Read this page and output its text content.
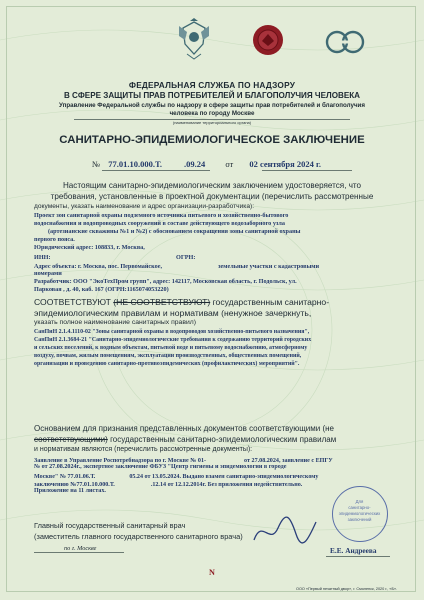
ФЕДЕРАЛЬНАЯ СЛУЖБА ПО НАДЗОРУ
В СФЕРЕ ЗАЩИТЫ ПРАВ ПОТРЕБИТЕЛЕЙ И БЛАГОПОЛУЧИЯ ЧЕЛОВЕКА
Управление Федеральной службы по надзору в сфере защиты прав потребителей и благополучия
человека по городу Москве
(наименование территориального органа)
САНИТАРНО-ЭПИДЕМИОЛОГИЧЕСКОЕ ЗАКЛЮЧЕНИЕ
№ 77.01.10.000.Т.	.09.24 от 02 сентября 2024 г.
Настоящим санитарно-эпидемиологическим заключением удостоверяется, что
требования, установленные в проектной документации (перечислить рассмотренные
документы, указать наименование и адрес организации-разработчика):
Проект зон санитарной охраны подземного источника питьевого и хозяйственно-бытового
водоснабжения и водопроводных сооружений в составе действующего водозаборного узла
(артезианские скважины №1 и №2) с обоснованием сокращения зоны санитарной охраны
первого пояса.
Юридический адрес: 108833, г. Москва,
ИНН:	ОГРН:
Адрес объекта: г. Москва, пос. Первомайское,	земельные участки с кадастровыми
номерами
Разработчик: ООО "ЭкоТехПром групп", адрес: 142117, Московская область, г. Подольск, ул.
Парковая , д. 40, каб. 167 (ОГРН:1165074053220)
СООТВЕТСТВУЮТ (НЕ СООТВЕТСТВУЮТ) государственным санитарно-
эпидемиологическим правилам и нормативам (ненужное зачеркнуть,
указать полное наименование санитарных правил)
СанПиН 2.1.4.1110-02 "Зоны санитарной охраны в водопроводов хозяйственно-питьевого назначения",
СанПиН 2.1.3684-21 "Санитарно-эпидемиологические требования к содержанию территорий городских
и сельских поселений, к водным объектам, питьевой воде и питьевому водоснабжению, атмосферному
воздуху, почвам, жилым помещениям, эксплуатации производственных, общественных помещений,
организации и проведению санитарно-противоэпидемических (профилактических) мероприятий".
Основанием для признания представленных документов соответствующими (не
соответствующими) государственным санитарно-эпидемиологическим правилам
и нормативам являются (перечислить рассмотренные документы):
Заявление в Управление Роспотребнадзора по г. Москве № 01-	от 27.08.2024, заявление с ЕПГУ
№ от 27.08.2024г., экспертное заключение ФБУЗ "Центр гигиены и эпидемиологии в городе
Москве" № 77.01.06.Т.	05.24 от 13.05.2024. Выдано взамен санитарно-эпидемиологическому
заключению №77.01.10.000.Т.	.12.14 от 12.12.2014г. Без приложения недействительно.
Приложение на 11 листах.
Главный государственный санитарный врач
(заместитель главного государственного санитарного врача)
по г. Москве
Для
санитарно-
эпидемиологических
заключений
Е.Е. Андреева
N
ООО «Первый печатный двор», г. Смоленск, 2020 г., «Б».
